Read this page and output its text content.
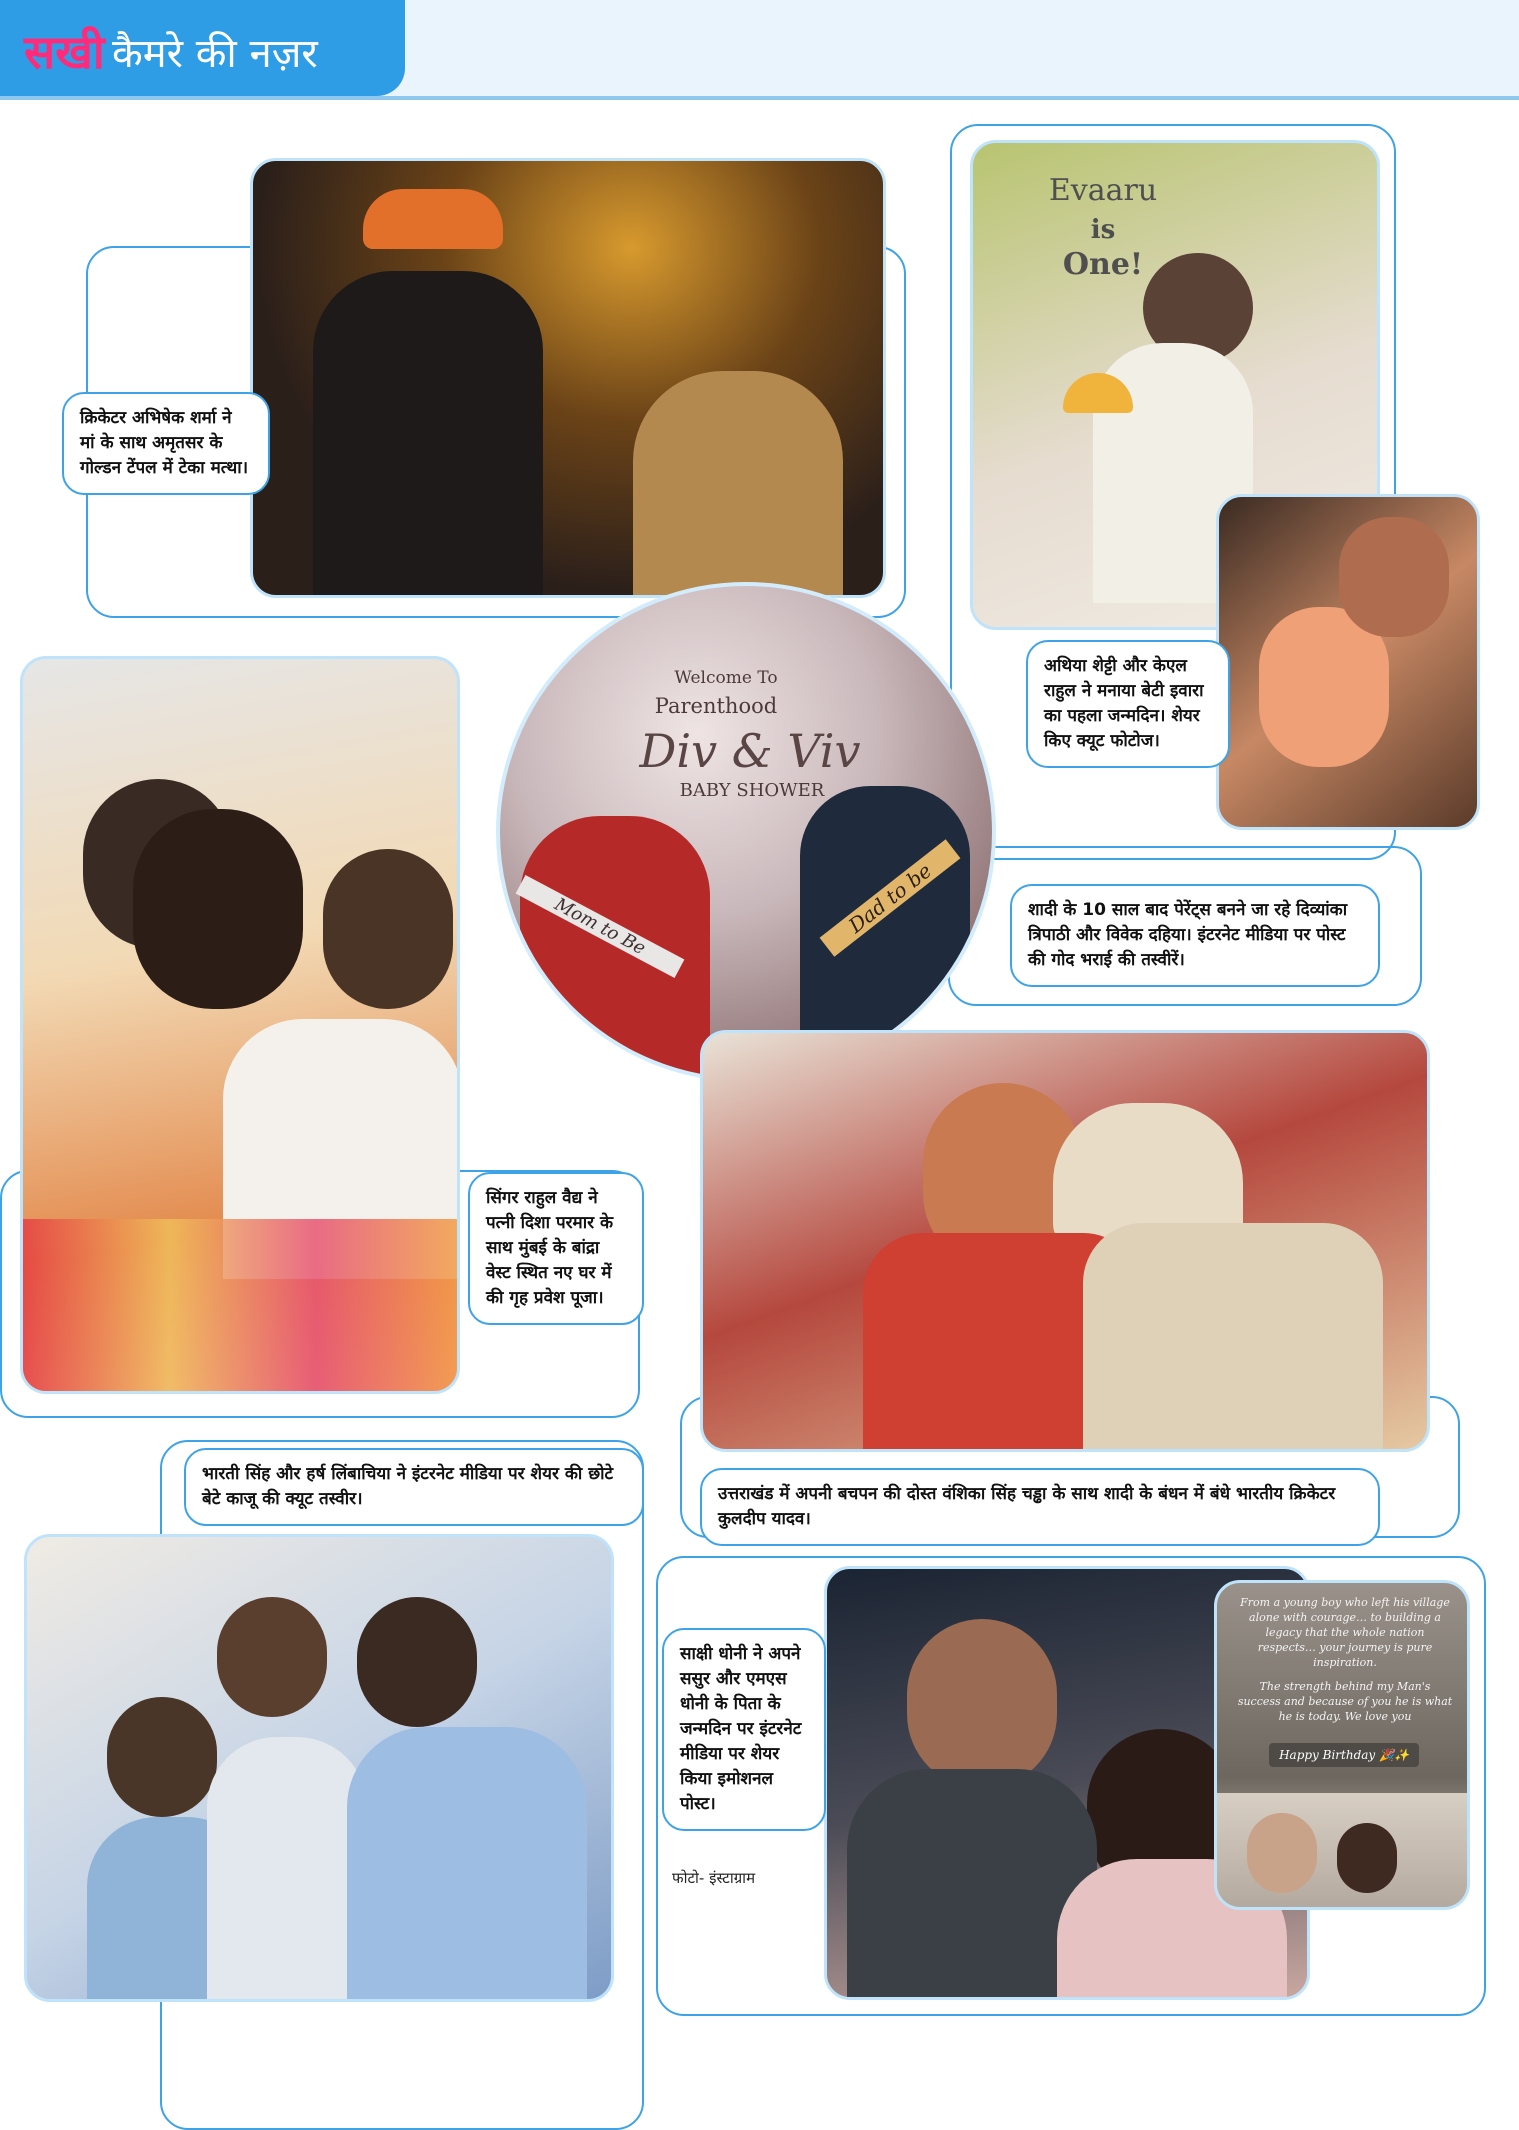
सखी कैमरे की नज़र
Evaaru
is
One!
Welcome To
Parenthood
Div & Viv
BABY SHOWER
Mom to Be	Dad to be
From a young boy who left his village alone with courage… to building a legacy that the whole nation respects… your journey is pure inspiration.
The strength behind my Man's success and because of you he is what he is today. We love you
Happy Birthday 🎉✨
क्रिकेटर अभिषेक शर्मा ने मां के साथ अमृतसर के गोल्डन टेंपल में टेका मत्था।
अथिया शेट्टी और केएल राहुल ने मनाया बेटी इवारा का पहला जन्मदिन। शेयर किए क्यूट फोटोज।
शादी के 10 साल बाद पेरेंट्स बनने जा रहे दिव्यांका त्रिपाठी और विवेक दहिया। इंटरनेट मीडिया पर पोस्ट की गोद भराई की तस्वीरें।
सिंगर राहुल वैद्य ने पत्नी दिशा परमार के साथ मुंबई के बांद्रा वेस्ट स्थित नए घर में की गृह प्रवेश पूजा।
भारती सिंह और हर्ष लिंबाचिया ने इंटरनेट मीडिया पर शेयर की छोटे बेटे काजू की क्यूट तस्वीर।	उत्तराखंड में अपनी बचपन की दोस्त वंशिका सिंह चड्ढा के साथ शादी के बंधन में बंधे भारतीय क्रिकेटर कुलदीप यादव।
साक्षी धोनी ने अपने ससुर और एमएस धोनी के पिता के जन्मदिन पर इंटरनेट मीडिया पर शेयर किया इमोशनल पोस्ट।
फोटो- इंस्टाग्राम
